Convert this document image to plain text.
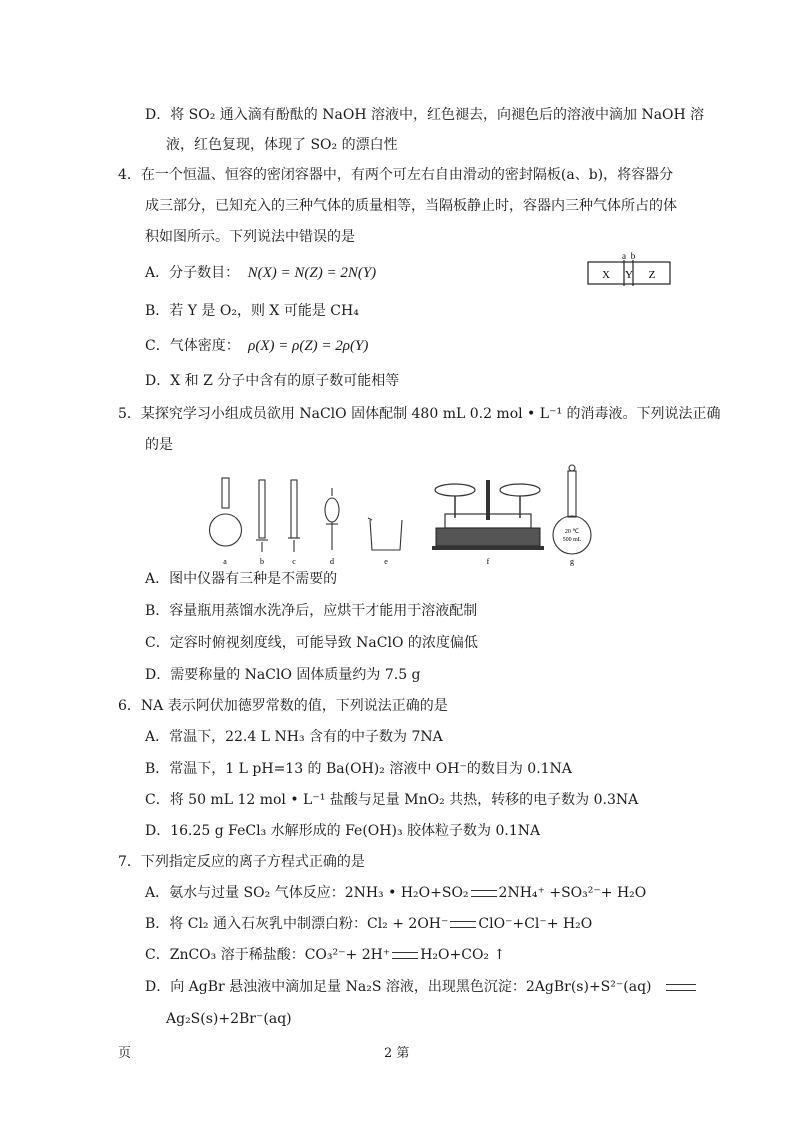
D．将 SO₂ 通入滴有酚酞的 NaOH 溶液中，红色褪去，向褪色后的溶液中滴加 NaOH 溶
液，红色复现，体现了 SO₂ 的漂白性
4．在一个恒温、恒容的密闭容器中，有两个可左右自由滑动的密封隔板(a、b)，将容器分
成三部分，已知充入的三种气体的质量相等，当隔板静止时，容器内三种气体所占的体
积如图所示。下列说法中错误的是
A．分子数目： N(X) = N(Z) = 2N(Y)
a b
X Y Z
B．若 Y 是 O₂，则 X 可能是 CH₄
C．气体密度： ρ(X) = ρ(Z) = 2ρ(Y)
D．X 和 Z 分子中含有的原子数可能相等
5．某探究学习小组成员欲用 NaClO 固体配制 480 mL 0.2 mol • L⁻¹ 的消毒液。下列说法正确
的是
20 ℃
500 mL
a	b	c	d	e	f	g
A．图中仪器有三种是不需要的
B．容量瓶用蒸馏水洗净后，应烘干才能用于溶液配制
C．定容时俯视刻度线，可能导致 NaClO 的浓度偏低
D．需要称量的 NaClO 固体质量约为 7.5 g
6．NA 表示阿伏加德罗常数的值，下列说法正确的是
A．常温下，22.4 L NH₃ 含有的中子数为 7NA
B．常温下，1 L pH=13 的 Ba(OH)₂ 溶液中 OH⁻的数目为 0.1NA
C．将 50 mL 12 mol • L⁻¹ 盐酸与足量 MnO₂ 共热，转移的电子数为 0.3NA
D．16.25 g FeCl₃ 水解形成的 Fe(OH)₃ 胶体粒子数为 0.1NA
7．下列指定反应的离子方程式正确的是
A．氨水与过量 SO₂ 气体反应：2NH₃ • H₂O+SO₂ 2NH₄⁺ +SO₃²⁻+ H₂O
B．将 Cl₂ 通入石灰乳中制漂白粉：Cl₂ + 2OH⁻ ClO⁻+Cl⁻+ H₂O
C．ZnCO₃ 溶于稀盐酸：CO₃²⁻+ 2H⁺ H₂O+CO₂ ↑
D．向 AgBr 悬浊液中滴加足量 Na₂S 溶液，出现黑色沉淀：2AgBr(s)+S²⁻(aq)
Ag₂S(s)+2Br⁻(aq)
页	2 第
